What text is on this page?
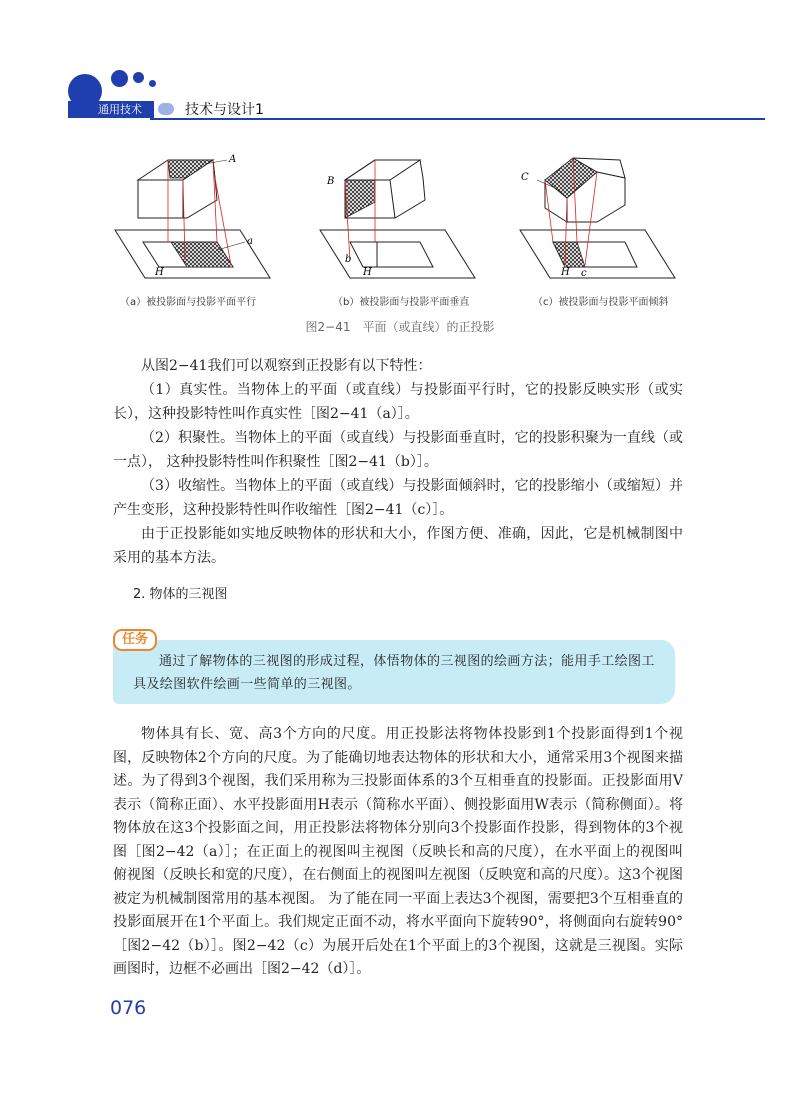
通用技术	技术与设计1
A
a
H
B
b
H
C
c
H
（a）被投影面与投影平面平行	（b）被投影面与投影平面垂直	（c）被投影面与投影平面倾斜
图2−41　平面（或直线）的正投影
从图2−41我们可以观察到正投影有以下特性：
（1）真实性。当物体上的平面（或直线）与投影面平行时，它的投影反映实形（或实长），这种投影特性叫作真实性［图2−41（a）］。
（2）积聚性。当物体上的平面（或直线）与投影面垂直时，它的投影积聚为一直线（或一点）， 这种投影特性叫作积聚性［图2−41（b）］。
（3）收缩性。当物体上的平面（或直线）与投影面倾斜时，它的投影缩小（或缩短）并产生变形，这种投影特性叫作收缩性［图2−41（c）］。
由于正投影能如实地反映物体的形状和大小，作图方便、准确，因此，它是机械制图中采用的基本方法。
2. 物体的三视图
任务
通过了解物体的三视图的形成过程，体悟物体的三视图的绘画方法；能用手工绘图工具及绘图软件绘画一些简单的三视图。
物体具有长、宽、高3个方向的尺度。用正投影法将物体投影到1个投影面得到1个视图，反映物体2个方向的尺度。为了能确切地表达物体的形状和大小，通常采用3个视图来描述。为了得到3个视图，我们采用称为三投影面体系的3个互相垂直的投影面。正投影面用V表示（简称正面）、水平投影面用H表示（简称水平面）、侧投影面用W表示（简称侧面）。将物体放在这3个投影面之间，用正投影法将物体分别向3个投影面作投影，得到物体的3个视图［图2−42（a）］；在正面上的视图叫主视图（反映长和高的尺度），在水平面上的视图叫俯视图（反映长和宽的尺度），在右侧面上的视图叫左视图（反映宽和高的尺度）。这3个视图被定为机械制图常用的基本视图。 为了能在同一平面上表达3个视图，需要把3个互相垂直的投影面展开在1个平面上。我们规定正面不动，将水平面向下旋转90°，将侧面向右旋转90°　［图2−42（b）］。图2−42（c）为展开后处在1个平面上的3个视图，这就是三视图。实际画图时，边框不必画出［图2−42（d）］。
076
